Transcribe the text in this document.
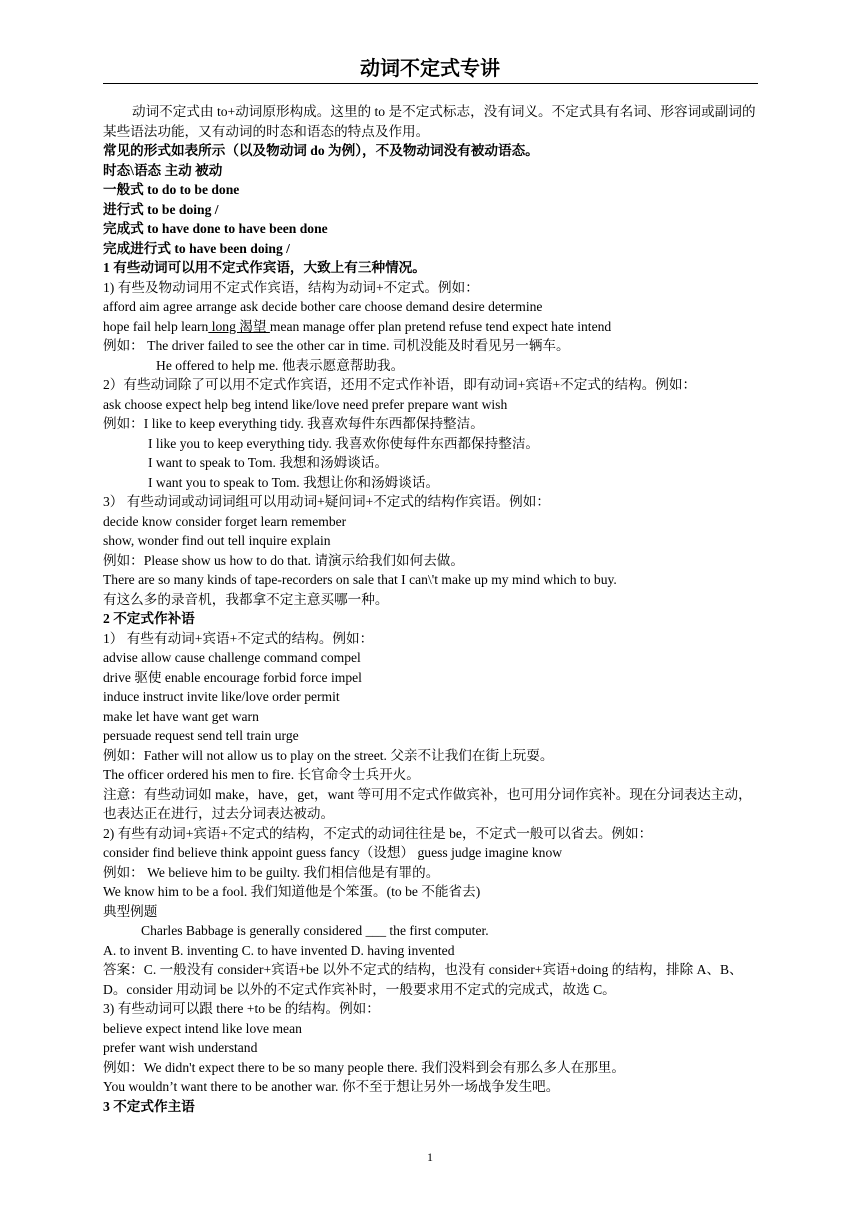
动词不定式专讲
动词不定式由 to+动词原形构成。这里的 to 是不定式标志，没有词义。不定式具有名词、形容词或副词的某些语法功能，又有动词的时态和语态的特点及作用。
常见的形式如表所示（以及物动词 do 为例），不及物动词没有被动语态。
时态\语态 主动 被动
一般式 to do to be done
进行式 to be doing /
完成式 to have done to have been done
完成进行式 to have been doing /
1 有些动词可以用不定式作宾语，大致上有三种情况。
1) 有些及物动词用不定式作宾语，结构为动词+不定式。例如：
afford aim agree arrange ask decide bother care choose demand desire determine
hope fail help learn long 渴望 mean manage offer plan pretend refuse tend expect hate intend
例如： The driver failed to see the other car in time. 司机没能及时看见另一辆车。
He offered to help me. 他表示愿意帮助我。
2）有些动词除了可以用不定式作宾语，还用不定式作补语，即有动词+宾语+不定式的结构。例如：
ask choose expect help beg intend like/love need prefer prepare want wish
例如：I like to keep everything tidy. 我喜欢每件东西都保持整洁。
I like you to keep everything tidy. 我喜欢你使每件东西都保持整洁。
I want to speak to Tom. 我想和汤姆谈话。
I want you to speak to Tom. 我想让你和汤姆谈话。
3） 有些动词或动词词组可以用动词+疑问词+不定式的结构作宾语。例如：
decide know consider forget learn remember
show, wonder find out tell inquire explain
例如：Please show us how to do that. 请演示给我们如何去做。
There are so many kinds of tape-recorders on sale that I can\'t make up my mind which to buy.
有这么多的录音机，我都拿不定主意买哪一种。
2 不定式作补语
1） 有些有动词+宾语+不定式的结构。例如：
advise allow cause challenge command compel
drive 驱使 enable encourage forbid force impel
induce instruct invite like/love order permit
make let have want get warn
persuade request send tell train urge
例如：Father will not allow us to play on the street. 父亲不让我们在街上玩耍。
The officer ordered his men to fire. 长官命令士兵开火。
注意：有些动词如 make，have，get，want 等可用不定式作做宾补，也可用分词作宾补。现在分词表达主动，也表达正在进行，过去分词表达被动。
2) 有些有动词+宾语+不定式的结构，不定式的动词往往是 be，不定式一般可以省去。例如：
consider find believe think appoint guess fancy（设想） guess judge imagine know
例如： We believe him to be guilty. 我们相信他是有罪的。
We know him to be a fool. 我们知道他是个笨蛋。(to be 不能省去)
典型例题
Charles Babbage is generally considered ___ the first computer.
A. to invent B. inventing C. to have invented D. having invented
答案：C. 一般没有 consider+宾语+be 以外不定式的结构，也没有 consider+宾语+doing 的结构，排除 A、B、D。consider 用动词 be 以外的不定式作宾补时，一般要求用不定式的完成式，故选 C。
3) 有些动词可以跟 there +to be 的结构。例如：
believe expect intend like love mean
prefer want wish understand
例如：We didn't expect there to be so many people there. 我们没料到会有那么多人在那里。
You wouldn’t want there to be another war. 你不至于想让另外一场战争发生吧。
3 不定式作主语
1
